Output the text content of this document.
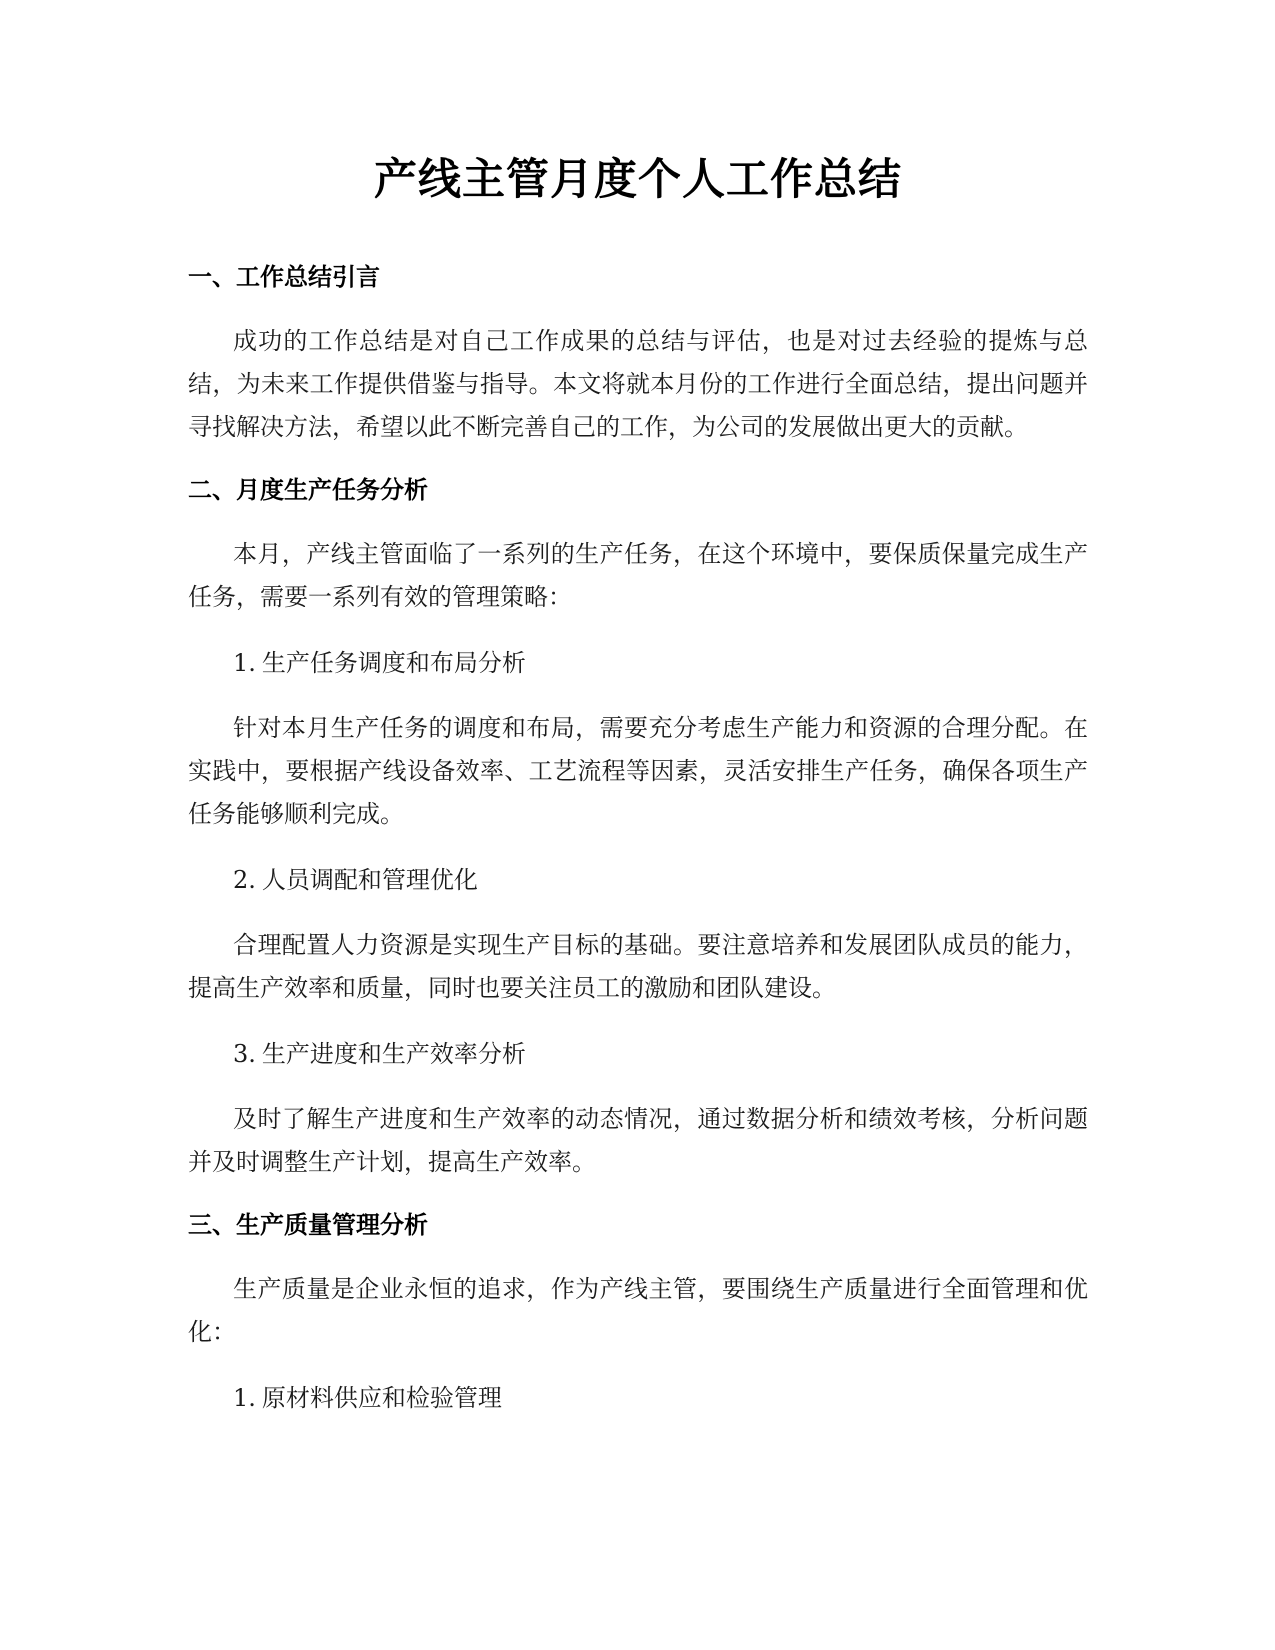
产线主管月度个人工作总结
一、工作总结引言

成功的工作总结是对自己工作成果的总结与评估，也是对过去经验的提炼与总结，为未来工作提供借鉴与指导。本文将就本月份的工作进行全面总结，提出问题并寻找解决方法，希望以此不断完善自己的工作，为公司的发展做出更大的贡献。

二、月度生产任务分析

本月，产线主管面临了一系列的生产任务，在这个环境中，要保质保量完成生产任务，需要一系列有效的管理策略：

1. 生产任务调度和布局分析

针对本月生产任务的调度和布局，需要充分考虑生产能力和资源的合理分配。在实践中，要根据产线设备效率、工艺流程等因素，灵活安排生产任务，确保各项生产任务能够顺利完成。

2. 人员调配和管理优化

合理配置人力资源是实现生产目标的基础。要注意培养和发展团队成员的能力，提高生产效率和质量，同时也要关注员工的激励和团队建设。

3. 生产进度和生产效率分析

及时了解生产进度和生产效率的动态情况，通过数据分析和绩效考核，分析问题并及时调整生产计划，提高生产效率。

三、生产质量管理分析

生产质量是企业永恒的追求，作为产线主管，要围绕生产质量进行全面管理和优化：

1. 原材料供应和检验管理
